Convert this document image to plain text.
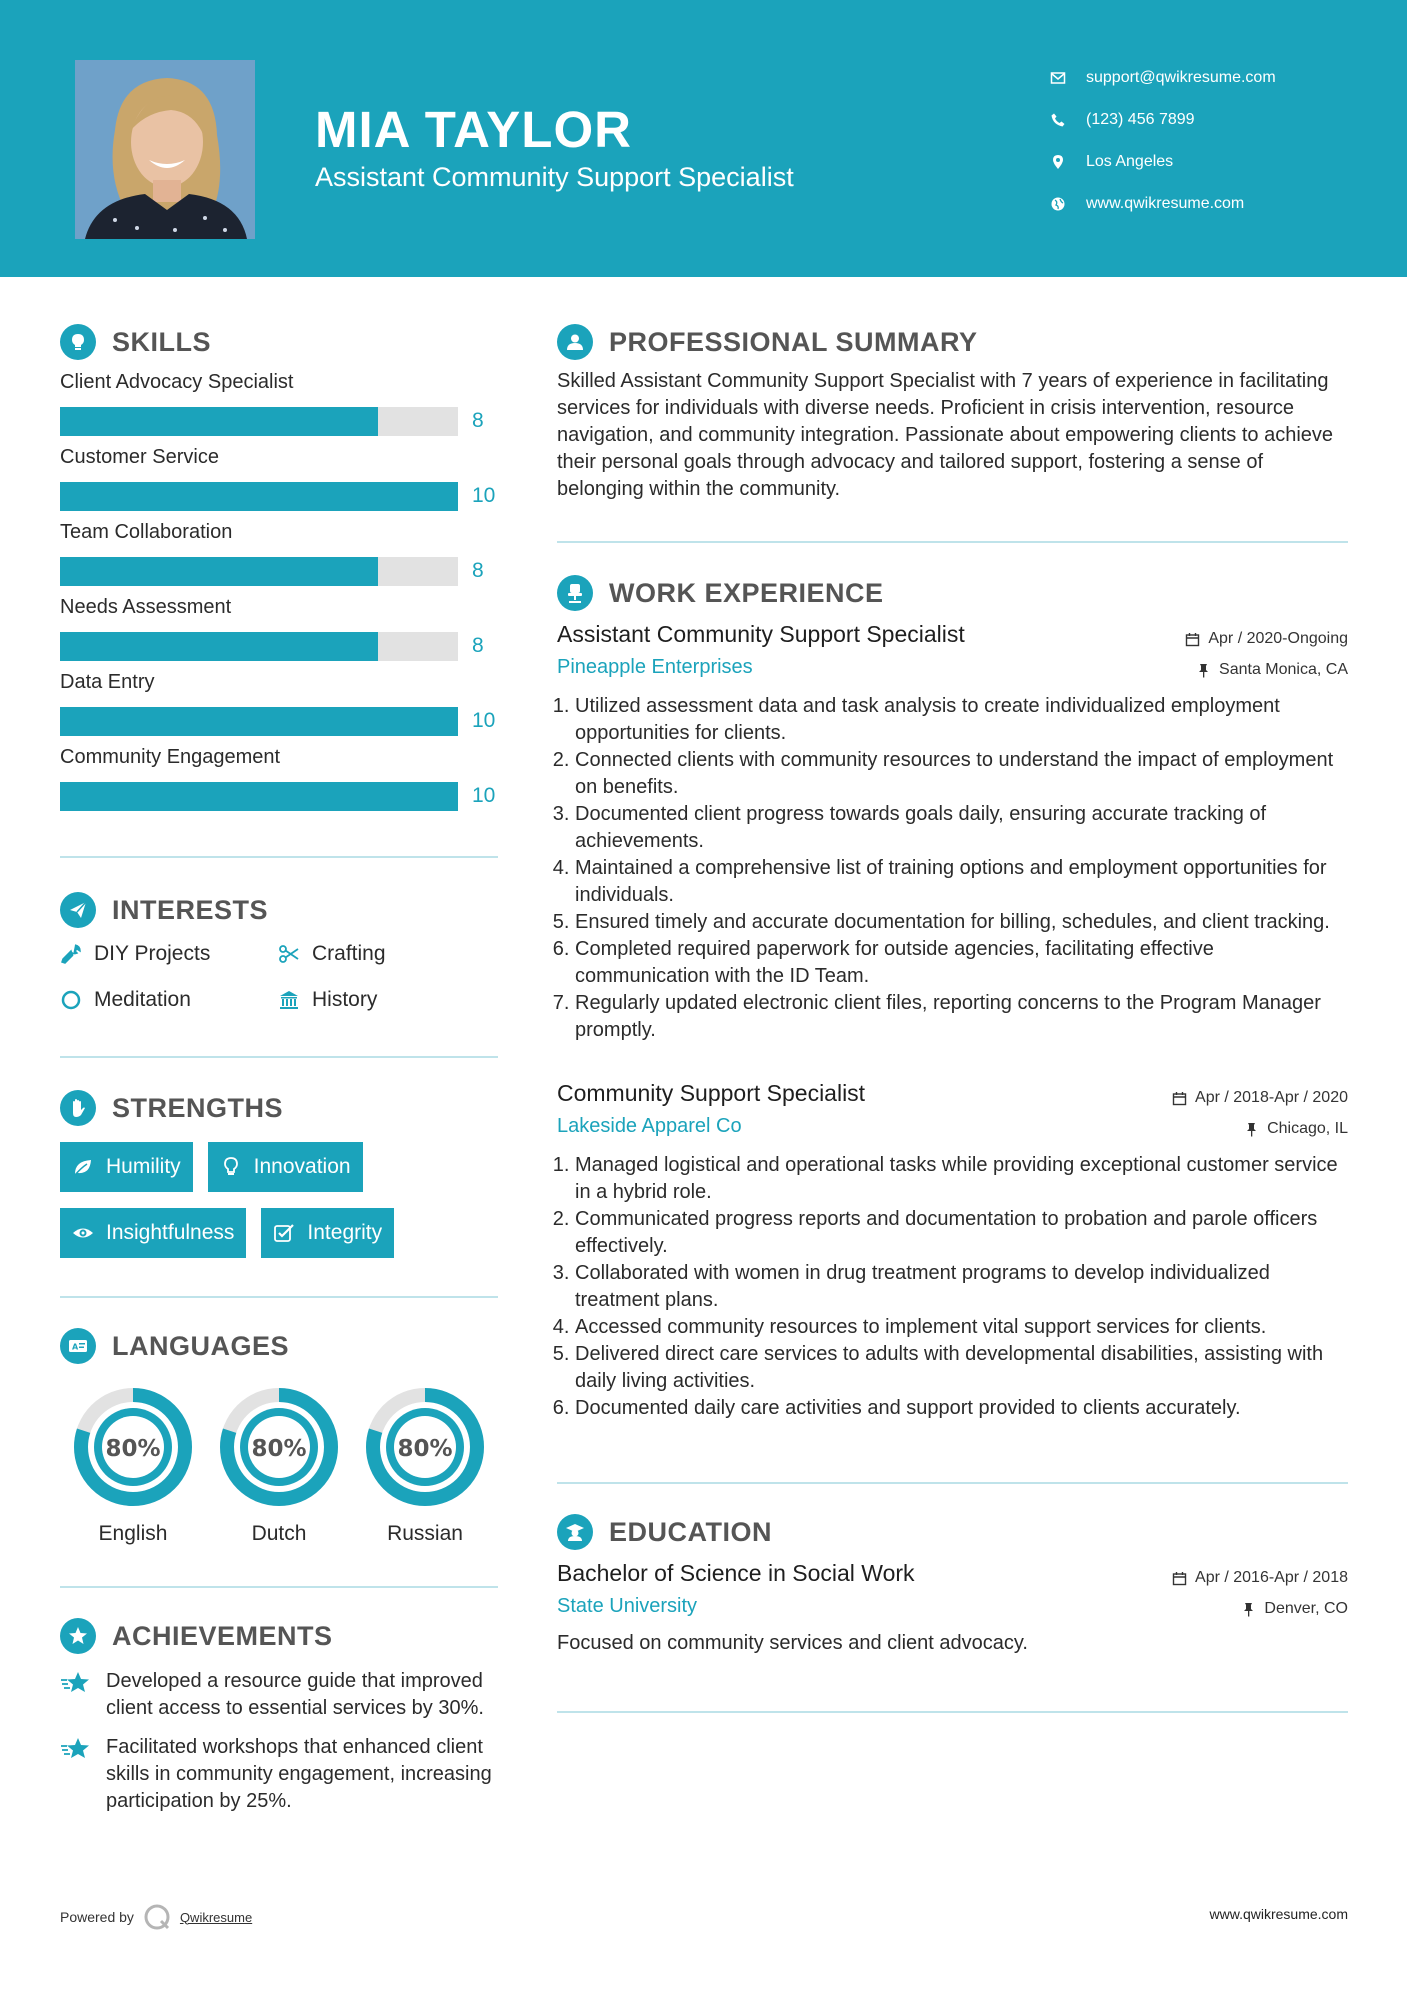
MIA TAYLOR
Assistant Community Support Specialist
support@qwikresume.com
(123) 456 7899
Los Angeles
www.qwikresume.com
SKILLS
Client Advocacy Specialist
8
Customer Service
10
Team Collaboration
8
Needs Assessment
8
Data Entry
10
Community Engagement
10
INTERESTS
DIY Projects	Crafting
Meditation	History
STRENGTHS
Humility	Innovation
Insightfulness	Integrity
A LANGUAGES
80%
English
80%
Dutch
80%
Russian
ACHIEVEMENTS
Developed a resource guide that improved client access to essential services by 30%.
Facilitated workshops that enhanced client skills in community engagement, increasing participation by 25%.
PROFESSIONAL SUMMARY

Skilled Assistant Community Support Specialist with 7 years of experience in facilitating services for individuals with diverse needs. Proficient in crisis intervention, resource navigation, and community integration. Passionate about empowering clients to achieve their personal goals through advocacy and tailored support, fostering a sense of belonging within the community.

WORK EXPERIENCE
Assistant Community Support Specialist	Apr / 2020-Ongoing
Pineapple Enterprises	Santa Monica, CA
1. Utilized assessment data and task analysis to create individualized employment opportunities for clients.
2. Connected clients with community resources to understand the impact of employment on benefits.
3. Documented client progress towards goals daily, ensuring accurate tracking of achievements.
4. Maintained a comprehensive list of training options and employment opportunities for individuals.
5. Ensured timely and accurate documentation for billing, schedules, and client tracking.
6. Completed required paperwork for outside agencies, facilitating effective communication with the ID Team.
7. Regularly updated electronic client files, reporting concerns to the Program Manager promptly.
Community Support Specialist	Apr / 2018-Apr / 2020
Lakeside Apparel Co	Chicago, IL
1. Managed logistical and operational tasks while providing exceptional customer service in a hybrid role.
2. Communicated progress reports and documentation to probation and parole officers effectively.
3. Collaborated with women in drug treatment programs to develop individualized treatment plans.
4. Accessed community resources to implement vital support services for clients.
5. Delivered direct care services to adults with developmental disabilities, assisting with daily living activities.
6. Documented daily care activities and support provided to clients accurately.
EDUCATION
Bachelor of Science in Social Work	Apr / 2016-Apr / 2018
State University	Denver, CO

Focused on community services and client advocacy.

Powered by	Qwikresume	www.qwikresume.com
